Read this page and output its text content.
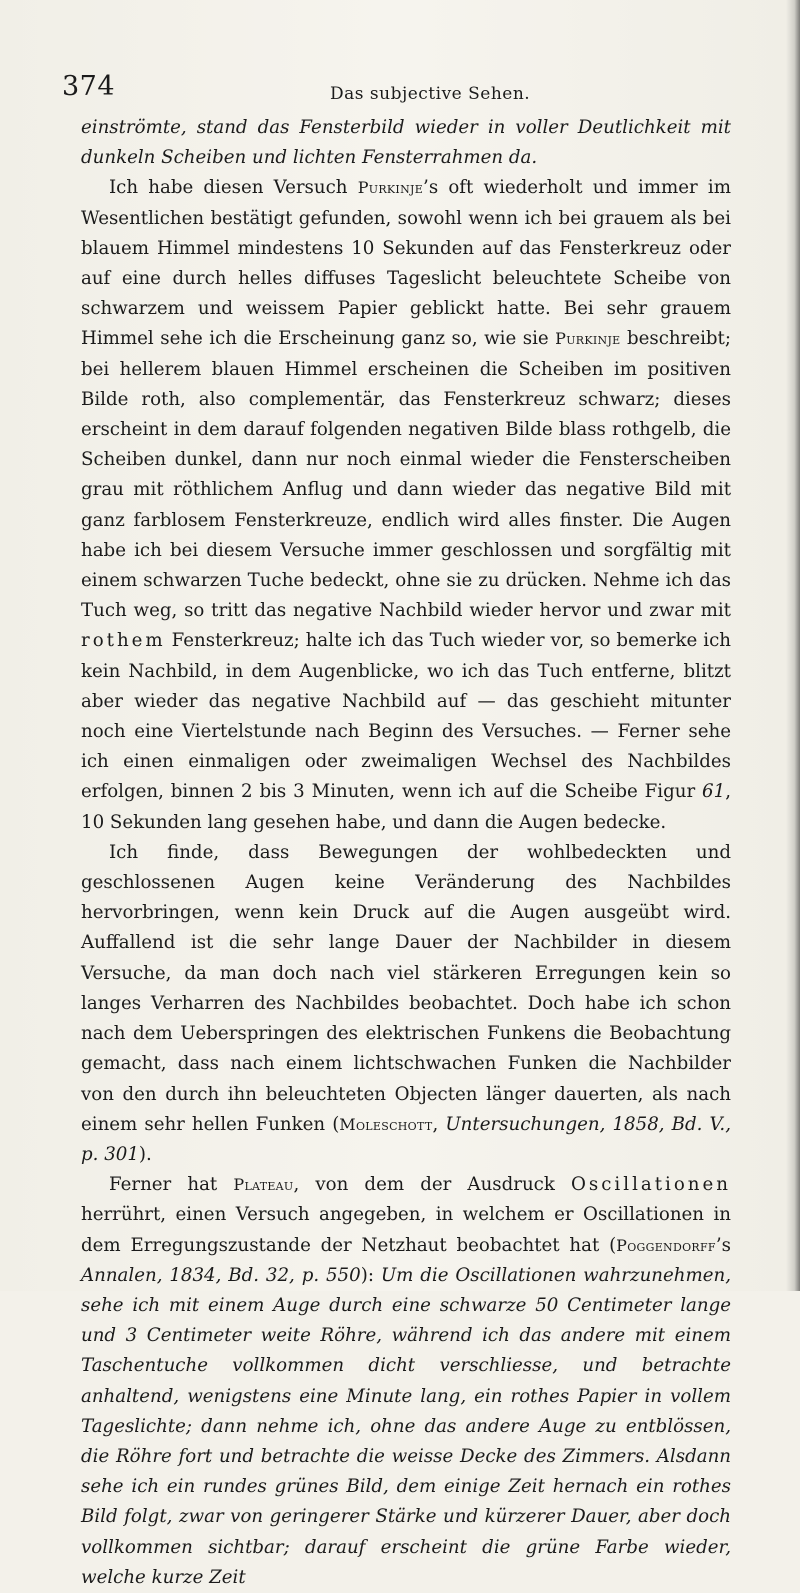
374	Das subjective Sehen.

einströmte, stand das Fensterbild wieder in voller Deutlichkeit mit dunkeln Scheiben und lichten Fensterrahmen da.

Ich habe diesen Versuch Purkinje’s oft wiederholt und immer im Wesentlichen bestätigt gefunden, sowohl wenn ich bei grauem als bei blauem Himmel mindestens 10 Sekunden auf das Fensterkreuz oder auf eine durch helles diffuses Tageslicht beleuchtete Scheibe von schwarzem und weissem Papier geblickt hatte. Bei sehr grauem Himmel sehe ich die Erscheinung ganz so, wie sie Purkinje beschreibt; bei hellerem blauen Himmel erscheinen die Scheiben im positiven Bilde roth, also complementär, das Fensterkreuz schwarz; dieses erscheint in dem darauf folgenden negativen Bilde blass rothgelb, die Scheiben dunkel, dann nur noch einmal wieder die Fensterscheiben grau mit röthlichem Anflug und dann wieder das negative Bild mit ganz farblosem Fensterkreuze, endlich wird alles finster. Die Augen habe ich bei diesem Versuche immer geschlossen und sorgfältig mit einem schwarzen Tuche bedeckt, ohne sie zu drücken. Nehme ich das Tuch weg, so tritt das negative Nachbild wieder hervor und zwar mit rothem Fensterkreuz; halte ich das Tuch wieder vor, so bemerke ich kein Nachbild, in dem Augenblicke, wo ich das Tuch entferne, blitzt aber wieder das negative Nachbild auf — das geschieht mitunter noch eine Viertelstunde nach Beginn des Versuches. — Ferner sehe ich einen einmaligen oder zweimaligen Wechsel des Nachbildes erfolgen, binnen 2 bis 3 Minuten, wenn ich auf die Scheibe Figur 61, 10 Sekunden lang gesehen habe, und dann die Augen bedecke.

Ich finde, dass Bewegungen der wohlbedeckten und geschlossenen Augen keine Veränderung des Nachbildes hervorbringen, wenn kein Druck auf die Augen ausgeübt wird. Auffallend ist die sehr lange Dauer der Nachbilder in diesem Versuche, da man doch nach viel stärkeren Erregungen kein so langes Verharren des Nachbildes beobachtet. Doch habe ich schon nach dem Ueberspringen des elektrischen Funkens die Beobachtung gemacht, dass nach einem lichtschwachen Funken die Nachbilder von den durch ihn beleuchteten Objecten länger dauerten, als nach einem sehr hellen Funken (Moleschott, Untersuchungen, 1858, Bd. V., p. 301).

Ferner hat Plateau, von dem der Ausdruck Oscillationen herrührt, einen Versuch angegeben, in welchem er Oscillationen in dem Erregungszustande der Netzhaut beobachtet hat (Poggendorff’s Annalen, 1834, Bd. 32, p. 550): Um die Oscillationen wahrzunehmen, sehe ich mit einem Auge durch eine schwarze 50 Centimeter lange und 3 Centimeter weite Röhre, während ich das andere mit einem Taschentuche vollkommen dicht verschliesse, und betrachte anhaltend, wenigstens eine Minute lang, ein rothes Papier in vollem Tageslichte; dann nehme ich, ohne das andere Auge zu entblössen, die Röhre fort und betrachte die weisse Decke des Zimmers. Alsdann sehe ich ein rundes grünes Bild, dem einige Zeit hernach ein rothes Bild folgt, zwar von geringerer Stärke und kürzerer Dauer, aber doch vollkommen sichtbar; darauf erscheint die grüne Farbe wieder, welche kurze Zeit
